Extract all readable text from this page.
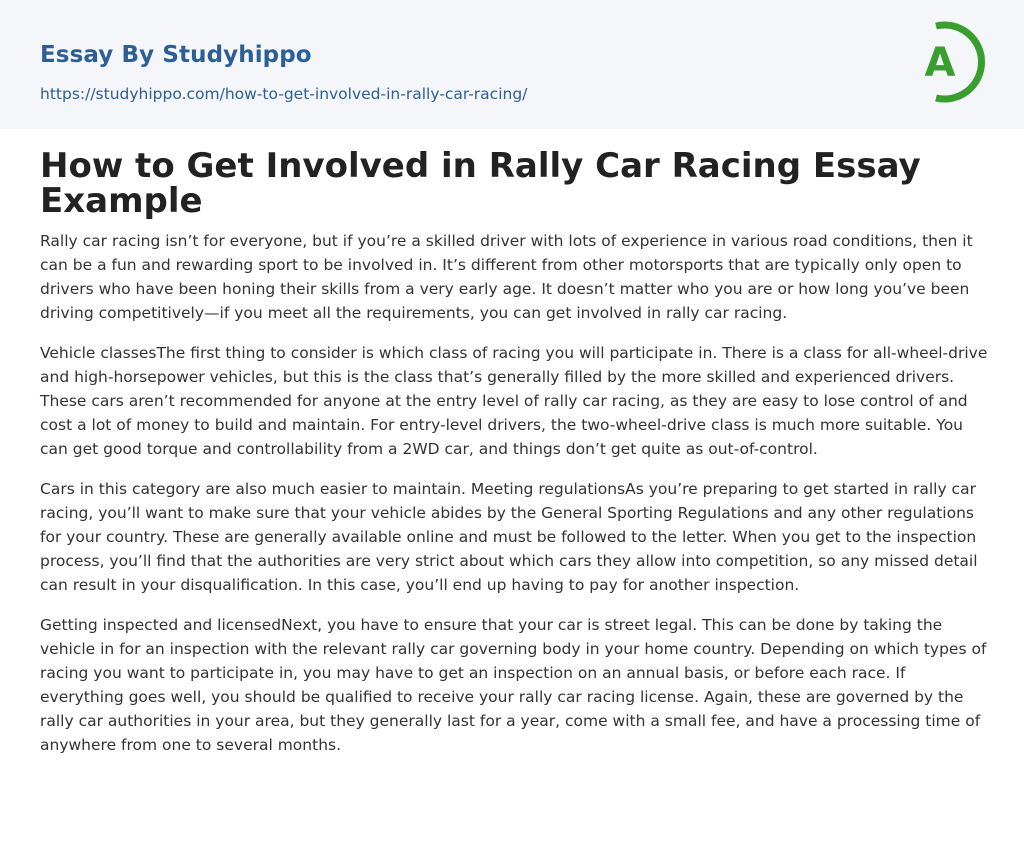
Essay By Studyhippo
https://studyhippo.com/how-to-get-involved-in-rally-car-racing/
A
How to Get Involved in Rally Car Racing Essay Example

Rally car racing isn’t for everyone, but if you’re a skilled driver with lots of experience in various road conditions, then it can be a fun and rewarding sport to be involved in. It’s different from other motorsports that are typically only open to drivers who have been honing their skills from a very early age. It doesn’t matter who you are or how long you’ve been driving competitively—if you meet all the requirements, you can get involved in rally car racing.

Vehicle classesThe first thing to consider is which class of racing you will participate in. There is a class for all-wheel-drive and high-horsepower vehicles, but this is the class that’s generally filled by the more skilled and experienced drivers. These cars aren’t recommended for anyone at the entry level of rally car racing, as they are easy to lose control of and cost a lot of money to build and maintain. For entry-level drivers, the two-wheel-drive class is much more suitable. You can get good torque and controllability from a 2WD car, and things don’t get quite as out-of-control.

Cars in this category are also much easier to maintain. Meeting regulationsAs you’re preparing to get started in rally car racing, you’ll want to make sure that your vehicle abides by the General Sporting Regulations and any other regulations for your country. These are generally available online and must be followed to the letter. When you get to the inspection process, you’ll find that the authorities are very strict about which cars they allow into competition, so any missed detail can result in your disqualification. In this case, you’ll end up having to pay for another inspection.

Getting inspected and licensedNext, you have to ensure that your car is street legal. This can be done by taking the vehicle in for an inspection with the relevant rally car governing body in your home country. Depending on which types of racing you want to participate in, you may have to get an inspection on an annual basis, or before each race. If everything goes well, you should be qualified to receive your rally car racing license. Again, these are governed by the rally car authorities in your area, but they generally last for a year, come with a small fee, and have a processing time of anywhere from one to several months.
